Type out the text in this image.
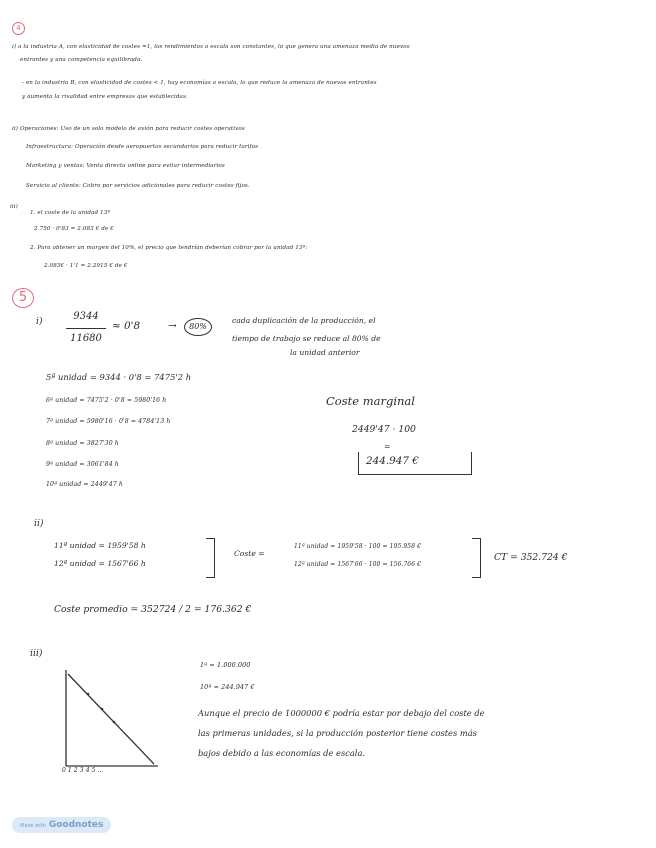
4
i) a la industria A, con elasticidad de costes =1, los rendimientos a escala son constantes, lo que genera una amenaza media de nuevos
entrantes y una competencia equilibrada.
- en la industria B, con elasticidad de costes < 1, hay economías a escala, lo que reduce la amenaza de nuevos entrantes
y aumenta la rivalidad entre empresas que establecidas.
ii) Operaciones: Uso de un solo modelo de avión para reducir costes operativos
Infraestructura: Operación desde aeropuertos secundarios para reducir tarifas
Marketing y ventas: Venta directa online para evitar intermediarios
Servicio al cliente: Cobro por servicios adicionales para reducir costes fijos.
iii)
1. el coste de la unidad 13ª
2.750 · 0'83 = 2.083 € de €
2. Para obtener un margen del 10%, el precio que tendrían deberían cobrar por la unidad 13ª:
2.083€ · 1'1 = 2.2915 € de €
5
i)	9344
11680
≈ 0'8	→	80%
cada duplicación de la producción, el
tiempo de trabajo se reduce al 80% de
la unidad anterior
5ª unidad = 9344 · 0'8 = 7475'2 h
6ª unidad = 7475'2 · 0'8 = 5980'16 h
7ª unidad = 5980'16 · 0'8 = 4784'13 h
8ª unidad = 3827'30 h
9ª unidad = 3061'84 h
10ª unidad = 2449'47 h
Coste marginal
2449'47 · 100
=
244.947 €
ii)
11ª unidad = 1959'58 h
12ª unidad = 1567'66 h
Coste =
11ª unidad = 1959'58 · 100 = 195.958 €
12ª unidad = 1567'66 · 100 = 156.766 €
CT = 352.724 €
Coste promedio = 352724 / 2 = 176.362 €
iii)
0 1 2 3 4 5 ...
1ª = 1.000.000
10ª = 244.947 €
Aunque el precio de 1000000 € podría estar por debajo del coste de
las primeras unidades, si la producción posterior tiene costes más
bajos debido a las economías de escala.
Made with Goodnotes
